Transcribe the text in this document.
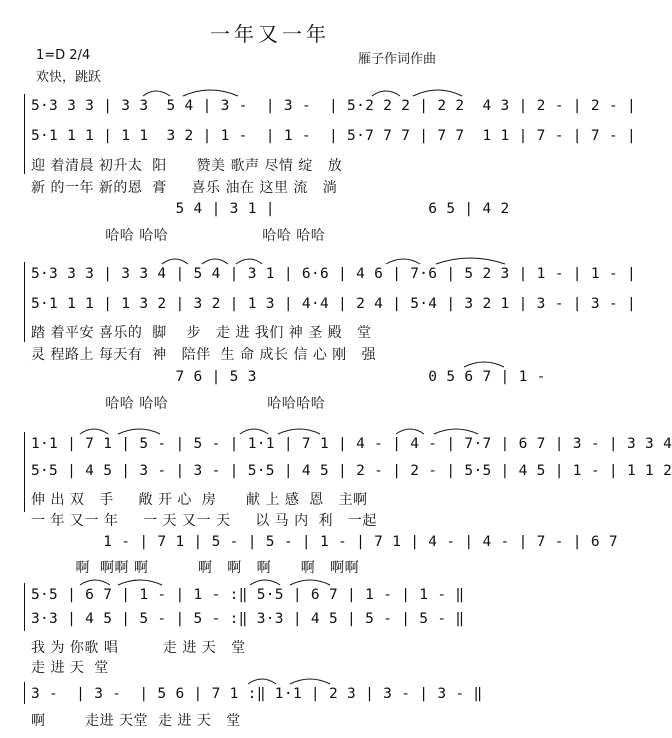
一年又一年
1=D 2/4	雁子作词作曲
欢快，跳跃
5·3 3 3 | 3 3  5 4 | 3 -  | 3 -  | 5·2 2 2 | 2 2  4 3 | 2 - | 2 - |
5·1 1 1 | 1 1  3 2 | 1 -  | 1 -  | 5·7 7 7 | 7 7  1 1 | 7 - | 7 - |
迎 着清晨 初升太  阳      赞美 歌声 尽情 绽   放
新 的一年 新的恩  膏     喜乐 油在 这里 流   淌
5 4 | 3 1 |                 6 5 | 4 2
哈哈 哈哈                   哈哈 哈哈
5·3 3 3 | 3 3 4 | 5 4 | 3 1 | 6·6 | 4 6 | 7·6 | 5 2 3 | 1 - | 1 - |
5·1 1 1 | 1 3 2 | 3 2 | 1 3 | 4·4 | 2 4 | 5·4 | 3 2 1 | 3 - | 3 - |
踏 着平安 喜乐的  脚    步   走 进 我们 神 圣 殿   堂
灵 程路上 每天有  神   陪伴  生 命 成长 信 心 刚   强
7 6 | 5 3                   0 5 6 7 | 1 -
哈哈 哈哈                    哈哈哈哈
1·1 | 7 1 | 5 - | 5 - | 1·1 | 7 1 | 4 - | 4 - | 7·7 | 6 7 | 3 - | 3 3 4
5·5 | 4 5 | 3 - | 3 - | 5·5 | 4 5 | 2 - | 2 - | 5·5 | 4 5 | 1 - | 1 1 2
伸 出 双   手     敞 开 心  房      献 上 感  恩   主啊
一 年 又一 年     一 天 又一 天     以 马 内  利   一起
1 - | 7 1 | 5 - | 5 - | 1 - | 7 1 | 4 - | 4 - | 7 - | 6 7
啊  啊啊 啊          啊   啊   啊      啊   啊啊
5·5 | 6 7 | 1 - | 1 - :‖ 5·5 | 6 7 | 1 - | 1 - ‖
3·3 | 4 5 | 5 - | 5 - :‖ 3·3 | 4 5 | 5 - | 5 - ‖
我 为 你歌 唱         走 进 天   堂
走 进 天  堂
3 -  | 3 -  | 5 6 | 7 1 :‖ 1·1 | 2 3 | 3 - | 3 - ‖
啊        走进 天堂  走 进 天   堂
